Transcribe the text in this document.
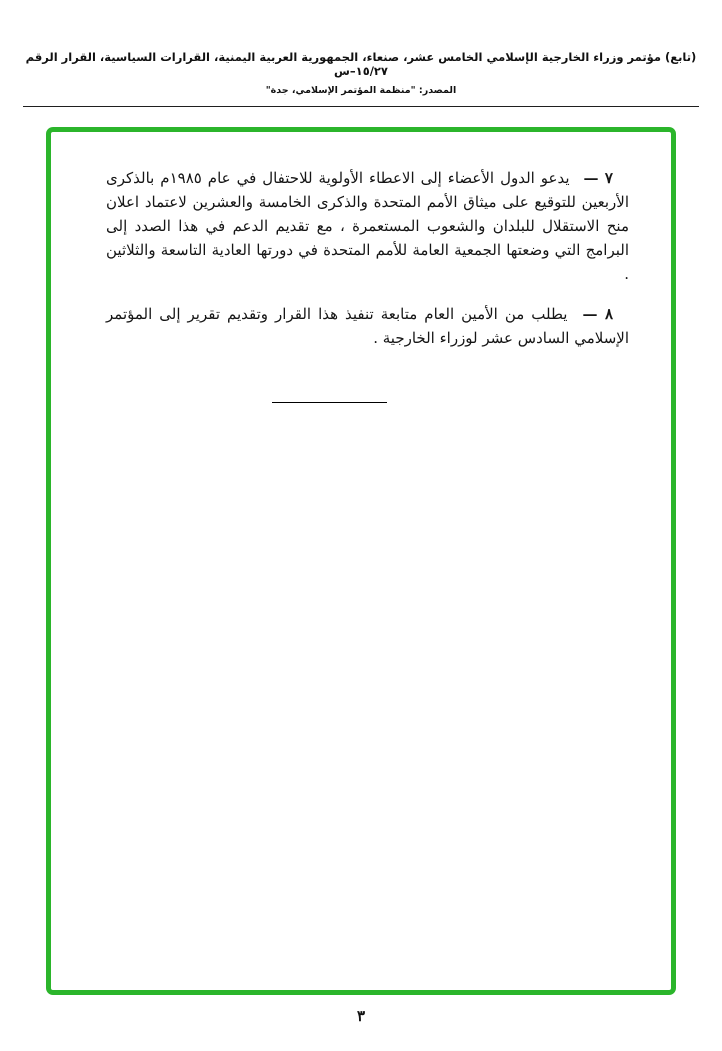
(تابع) مؤتمر وزراء الخارجية الإسلامي الخامس عشر، صنعاء، الجمهورية العربية اليمنية، القرارات السياسية، القرار الرقم ١٥/٢٧–س
المصدر: "منظمة المؤتمر الإسلامي، جدة"

٧ — يدعو الدول الأعضاء إلى الاعطاء الأولوية للاحتفال في عام ١٩٨٥م بالذكرى الأربعين للتوقيع على ميثاق الأمم المتحدة والذكرى الخامسة والعشرين لاعتماد اعلان منح الاستقلال للبلدان والشعوب المستعمرة ، مع تقديم الدعم في هذا الصدد إلى البرامج التي وضعتها الجمعية العامة للأمم المتحدة في دورتها العادية التاسعة والثلاثين .

٨ — يطلب من الأمين العام متابعة تنفيذ هذا القرار وتقديم تقرير إلى المؤتمر الإسلامي السادس عشر لوزراء الخارجية .

٣
